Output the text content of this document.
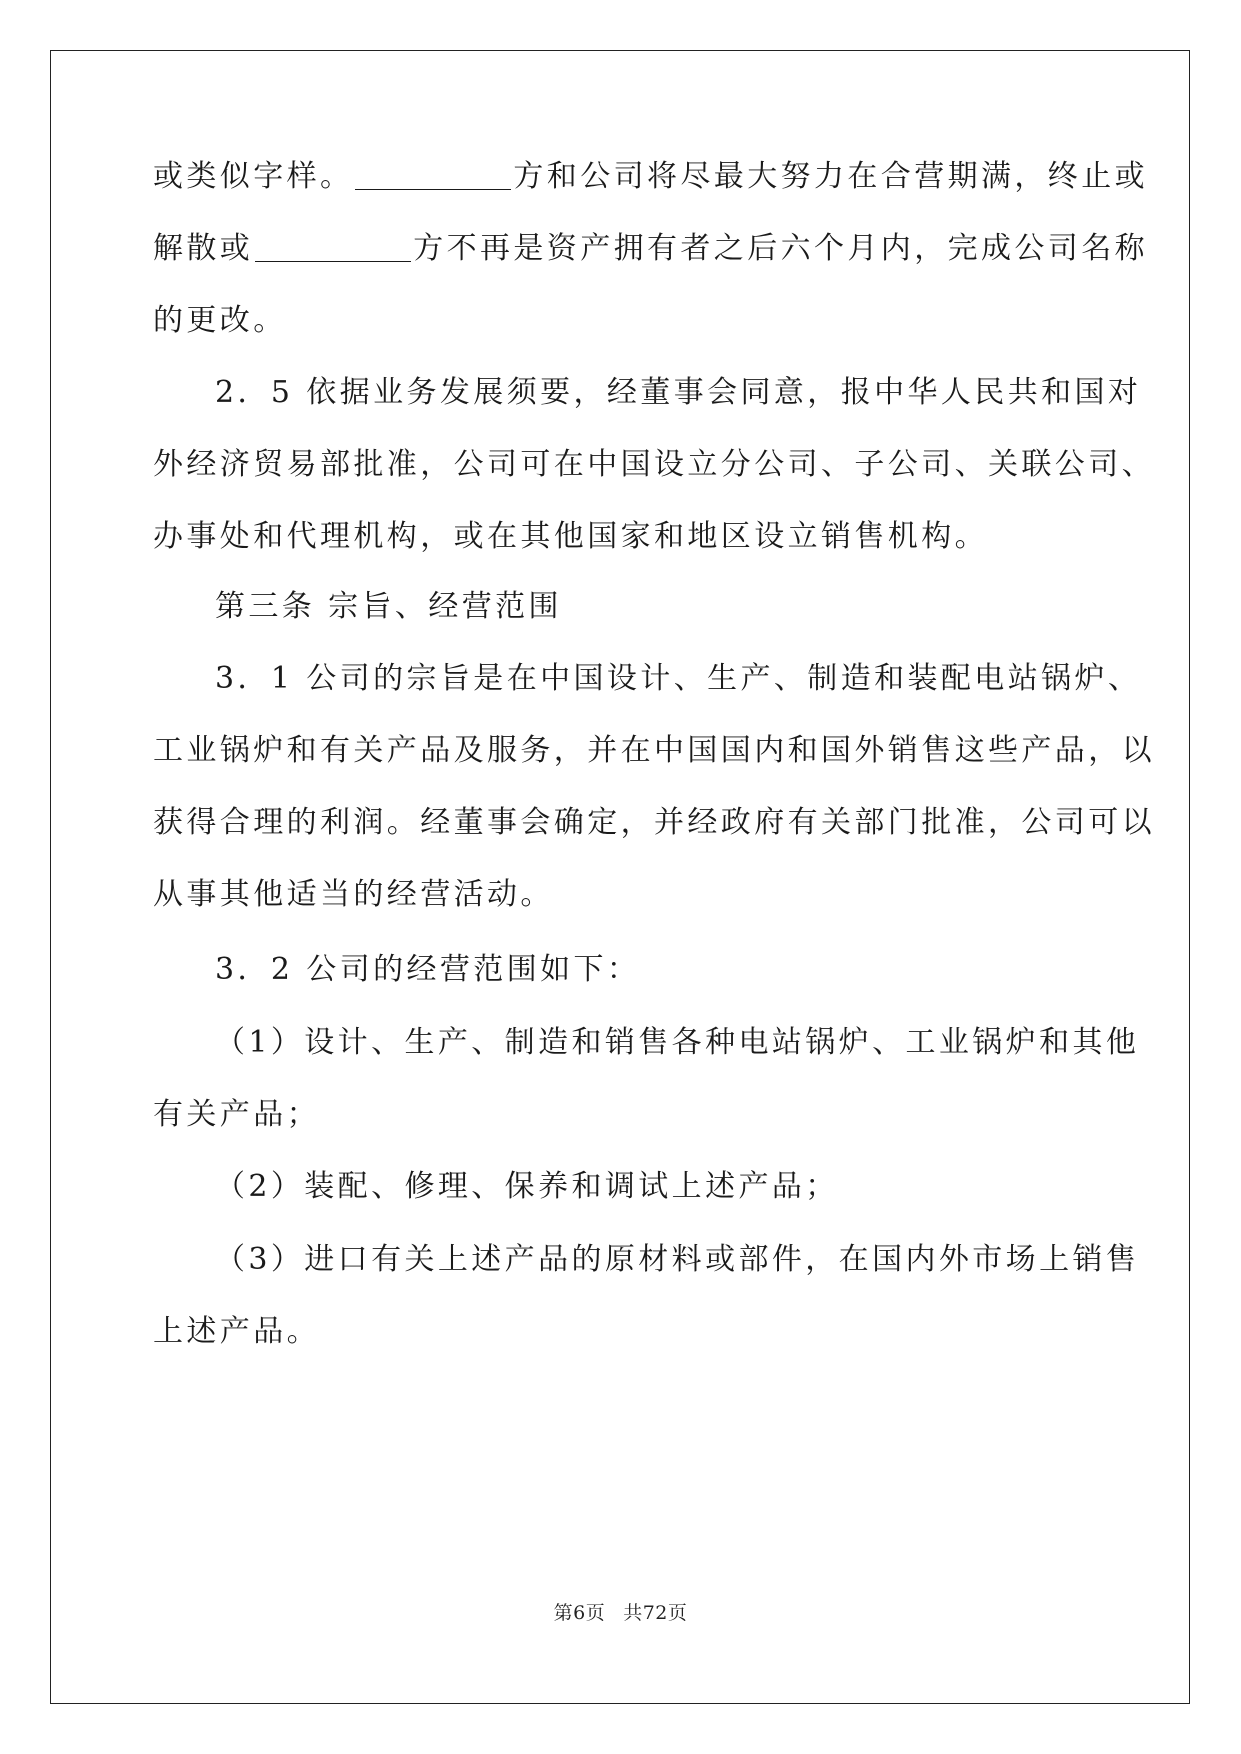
或类似字样。	方和公司将尽最大努力在合营期满，终止或
解散或	方不再是资产拥有者之后六个月内，完成公司名称
的更改。
2．5 依据业务发展须要，经董事会同意，报中华人民共和国对
外经济贸易部批准，公司可在中国设立分公司、子公司、关联公司、
办事处和代理机构，或在其他国家和地区设立销售机构。
第三条 宗旨、经营范围
3．1 公司的宗旨是在中国设计、生产、制造和装配电站锅炉、
工业锅炉和有关产品及服务，并在中国国内和国外销售这些产品，以
获得合理的利润。经董事会确定，并经政府有关部门批准，公司可以
从事其他适当的经营活动。
3．2 公司的经营范围如下：
（1）设计、生产、制造和销售各种电站锅炉、工业锅炉和其他
有关产品；
（2）装配、修理、保养和调试上述产品；
（3）进口有关上述产品的原材料或部件，在国内外市场上销售
上述产品。
第6页 共72页
